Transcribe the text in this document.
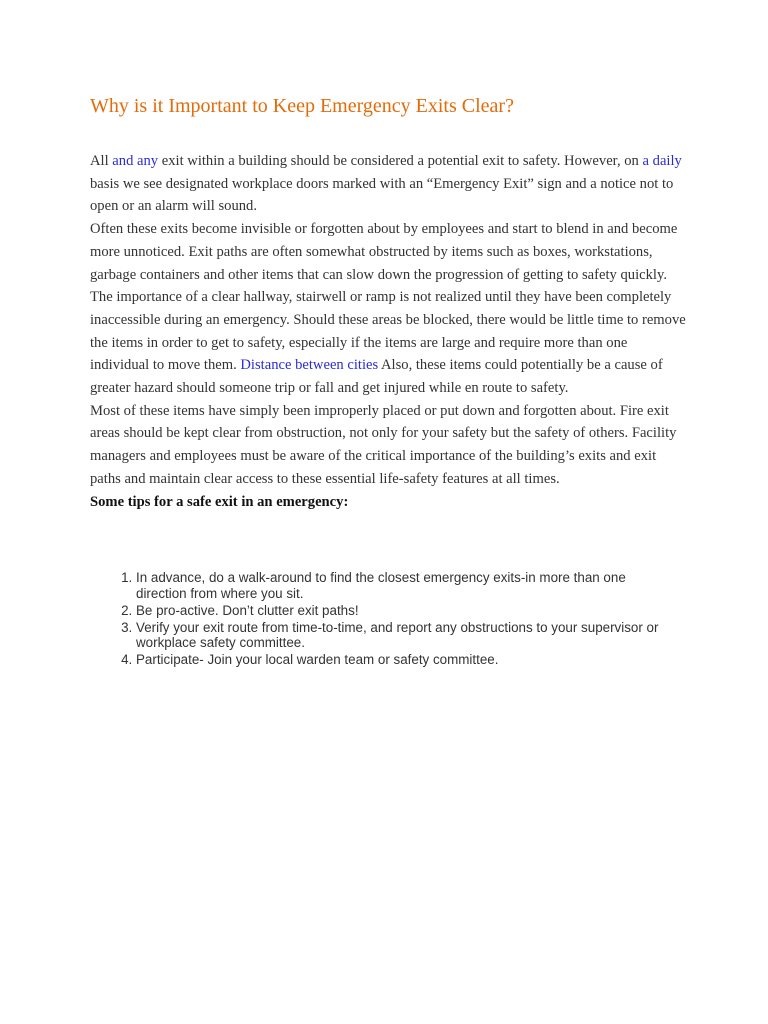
Why is it Important to Keep Emergency Exits Clear?

All and any exit within a building should be considered a potential exit to safety. However, on a daily basis we see designated workplace doors marked with an “Emergency Exit” sign and a notice not to open or an alarm will sound.

Often these exits become invisible or forgotten about by employees and start to blend in and become more unnoticed. Exit paths are often somewhat obstructed by items such as boxes, workstations, garbage containers and other items that can slow down the progression of getting to safety quickly.

The importance of a clear hallway, stairwell or ramp is not realized until they have been completely inaccessible during an emergency. Should these areas be blocked, there would be little time to remove the items in order to get to safety, especially if the items are large and require more than one individual to move them. Distance between cities Also, these items could potentially be a cause of greater hazard should someone trip or fall and get injured while en route to safety.

Most of these items have simply been improperly placed or put down and forgotten about. Fire exit areas should be kept clear from obstruction, not only for your safety but the safety of others. Facility managers and employees must be aware of the critical importance of the building’s exits and exit paths and maintain clear access to these essential life-safety features at all times.

Some tips for a safe exit in an emergency:

1. In advance, do a walk-around to find the closest emergency exits-in more than one direction from where you sit.
2. Be pro-active. Don’t clutter exit paths!
3. Verify your exit route from time-to-time, and report any obstructions to your supervisor or workplace safety committee.
4. Participate- Join your local warden team or safety committee.
